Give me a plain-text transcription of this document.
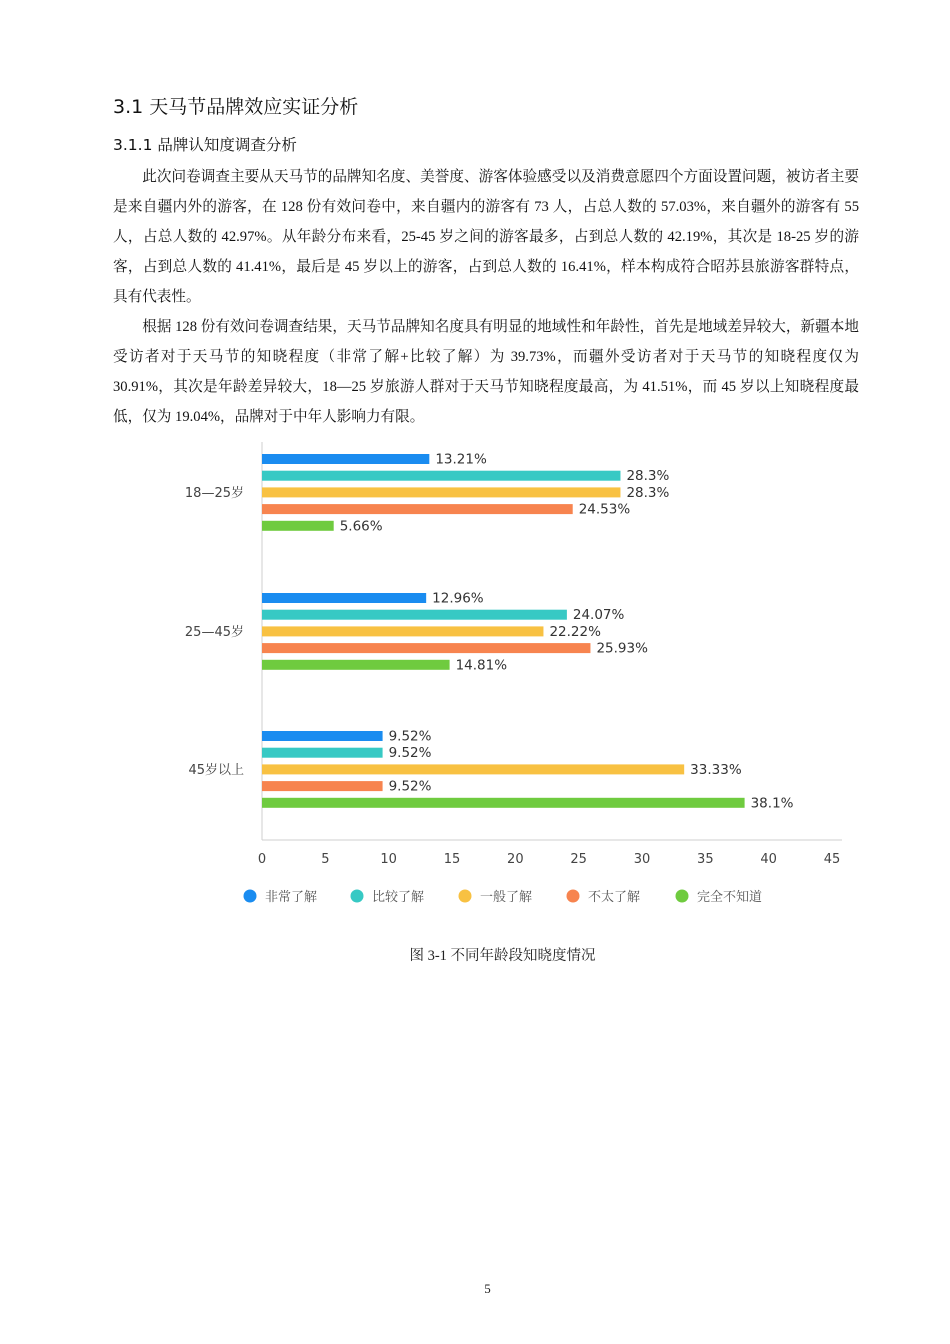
3.1 天马节品牌效应实证分析
3.1.1 品牌认知度调查分析

此次问卷调查主要从天马节的品牌知名度、美誉度、游客体验感受以及消费意愿四个方面设置问题，被访者主要是来自疆内外的游客，在 128 份有效问卷中，来自疆内的游客有 73 人，占总人数的 57.03%，来自疆外的游客有 55 人，占总人数的 42.97%。从年龄分布来看，25-45 岁之间的游客最多，占到总人数的 42.19%，其次是 18-25 岁的游客，占到总人数的 41.41%，最后是 45 岁以上的游客，占到总人数的 16.41%，样本构成符合昭苏县旅游客群特点，具有代表性。

根据 128 份有效问卷调查结果，天马节品牌知名度具有明显的地域性和年龄性，首先是地域差异较大，新疆本地受访者对于天马节的知晓程度（非常了解+比较了解）为 39.73%，而疆外受访者对于天马节的知晓程度仅为 30.91%，其次是年龄差异较大，18—25 岁旅游人群对于天马节知晓程度最高，为 41.51%，而 45 岁以上知晓程度最低，仅为 19.04%，品牌对于中年人影响力有限。

0	5	10	15	20	25	30	35	40	45
18—25岁
13.21%
28.3%
28.3%
24.53%
5.66%
25—45岁
12.96%
24.07%
22.22%
25.93%
14.81%
45岁以上
9.52%
9.52%
33.33%
9.52%
38.1%
非常了解	比较了解	一般了解	不太了解	完全不知道
图 3-1 不同年龄段知晓度情况
5
